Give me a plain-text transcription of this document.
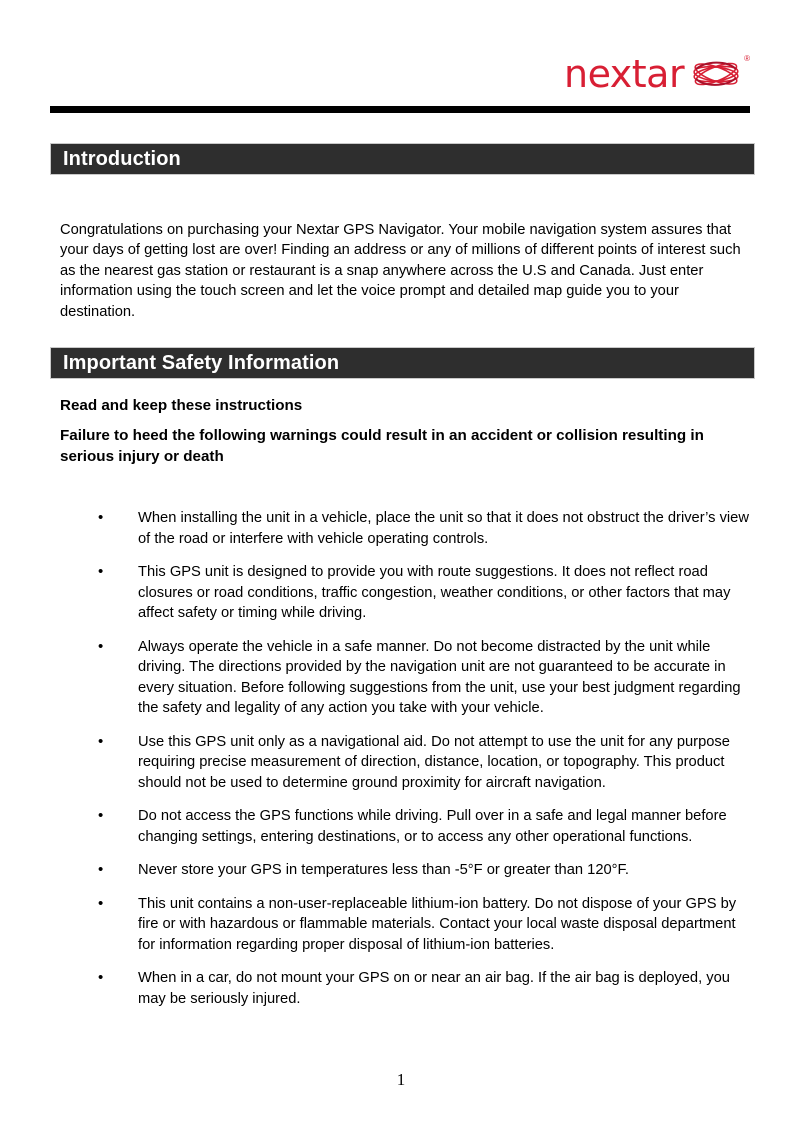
nextar	®
Introduction

Congratulations on purchasing your Nextar GPS Navigator. Your mobile navigation system assures that your days of getting lost are over! Finding an address or any of millions of different points of interest such as the nearest gas station or restaurant is a snap anywhere across the U.S and Canada. Just enter information using the touch screen and let the voice prompt and detailed map guide you to your destination.

Important Safety Information
Read and keep these instructions
Failure to heed the following warnings could result in an accident or collision resulting in serious injury or death
•	When installing the unit in a vehicle, place the unit so that it does not obstruct the driver’s view of the road or interfere with vehicle operating controls.
•	This GPS unit is designed to provide you with route suggestions. It does not reflect road closures or road conditions, traffic congestion, weather conditions, or other factors that may affect safety or timing while driving.
•	Always operate the vehicle in a safe manner. Do not become distracted by the unit while driving. The directions provided by the navigation unit are not guaranteed to be accurate in every situation. Before following suggestions from the unit, use your best judgment regarding the safety and legality of any action you take with your vehicle.
•	Use this GPS unit only as a navigational aid. Do not attempt to use the unit for any purpose requiring precise measurement of direction, distance, location, or topography. This product should not be used to determine ground proximity for aircraft navigation.
•	Do not access the GPS functions while driving. Pull over in a safe and legal manner before changing settings, entering destinations, or to access any other operational functions.
•	Never store your GPS in temperatures less than -5°F or greater than 120°F.
•	This unit contains a non-user-replaceable lithium-ion battery. Do not dispose of your GPS by fire or with hazardous or flammable materials. Contact your local waste disposal department for information regarding proper disposal of lithium-ion batteries.
•	When in a car, do not mount your GPS on or near an air bag. If the air bag is deployed, you may be seriously injured.
1
